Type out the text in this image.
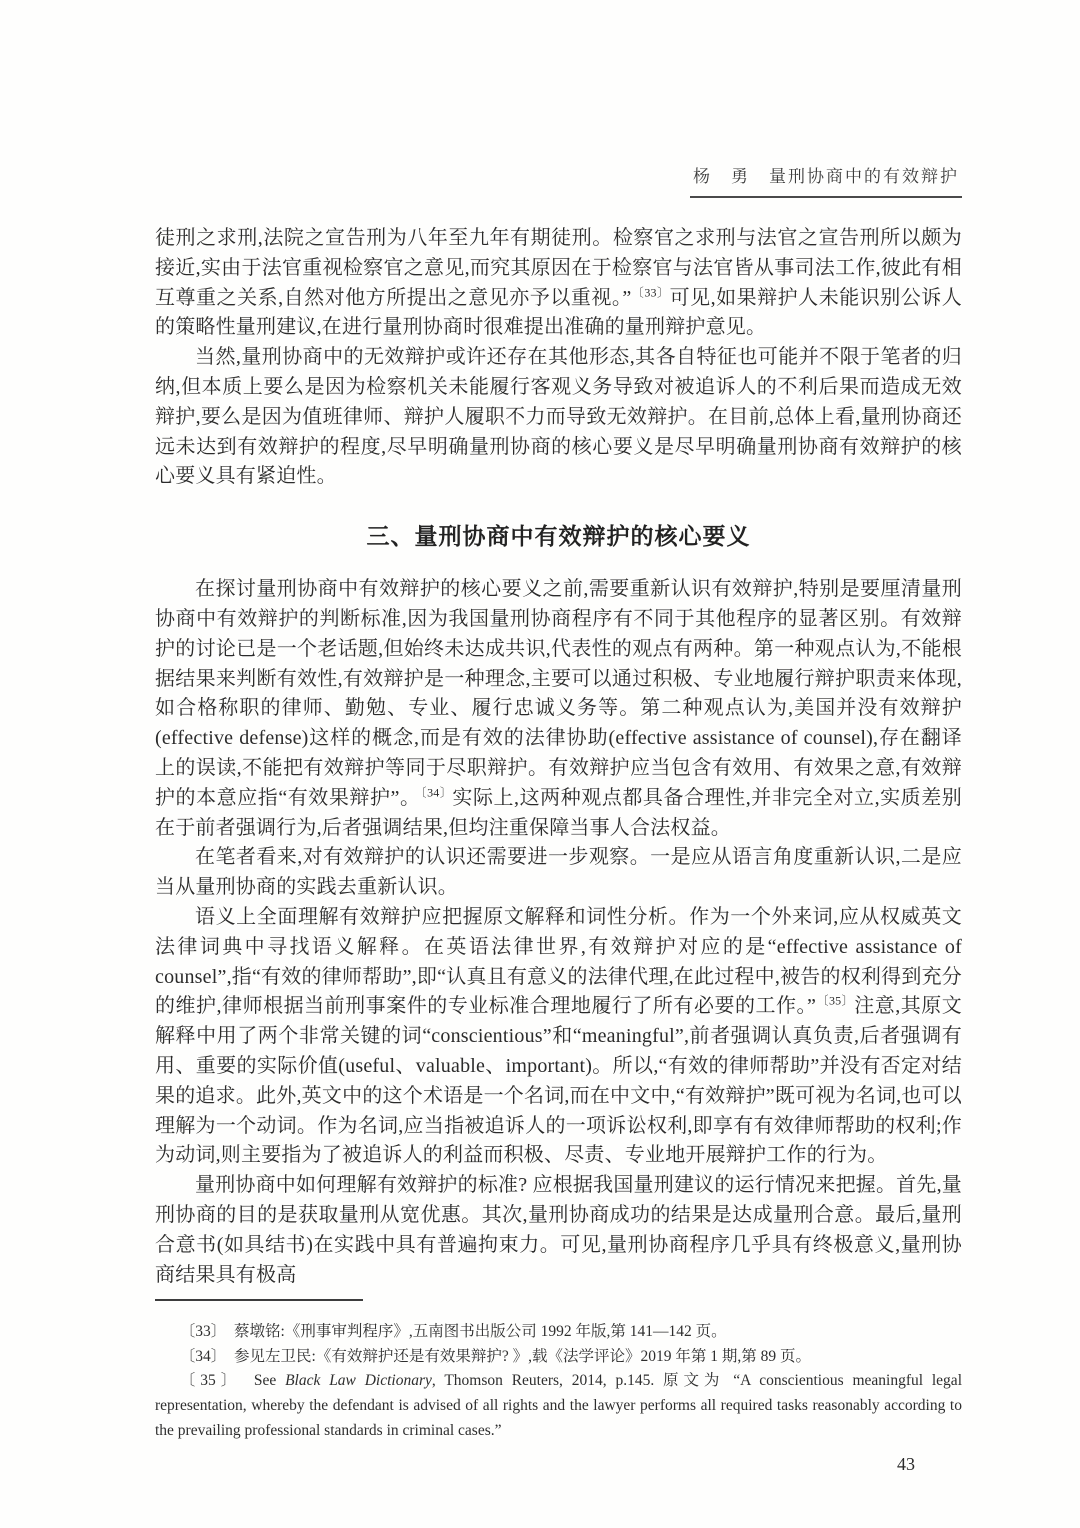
杨　勇　量刑协商中的有效辩护

徒刑之求刑,法院之宣告刑为八年至九年有期徒刑。检察官之求刑与法官之宣告刑所以颇为接近,实由于法官重视检察官之意见,而究其原因在于检察官与法官皆从事司法工作,彼此有相互尊重之关系,自然对他方所提出之意见亦予以重视。”$^{〔33〕}$可见,如果辩护人未能识别公诉人的策略性量刑建议,在进行量刑协商时很难提出准确的量刑辩护意见。

当然,量刑协商中的无效辩护或许还存在其他形态,其各自特征也可能并不限于笔者的归纳,但本质上要么是因为检察机关未能履行客观义务导致对被追诉人的不利后果而造成无效辩护,要么是因为值班律师、辩护人履职不力而导致无效辩护。在目前,总体上看,量刑协商还远未达到有效辩护的程度,尽早明确量刑协商的核心要义是尽早明确量刑协商有效辩护的核心要义具有紧迫性。

三、量刑协商中有效辩护的核心要义

在探讨量刑协商中有效辩护的核心要义之前,需要重新认识有效辩护,特别是要厘清量刑协商中有效辩护的判断标准,因为我国量刑协商程序有不同于其他程序的显著区别。有效辩护的讨论已是一个老话题,但始终未达成共识,代表性的观点有两种。第一种观点认为,不能根据结果来判断有效性,有效辩护是一种理念,主要可以通过积极、专业地履行辩护职责来体现,如合格称职的律师、勤勉、专业、履行忠诚义务等。第二种观点认为,美国并没有效辩护(effective defense)这样的概念,而是有效的法律协助(effective assistance of counsel),存在翻译上的误读,不能把有效辩护等同于尽职辩护。有效辩护应当包含有效用、有效果之意,有效辩护的本意应指“有效果辩护”。$^{〔34〕}$实际上,这两种观点都具备合理性,并非完全对立,实质差别在于前者强调行为,后者强调结果,但均注重保障当事人合法权益。

在笔者看来,对有效辩护的认识还需要进一步观察。一是应从语言角度重新认识,二是应当从量刑协商的实践去重新认识。

语义上全面理解有效辩护应把握原文解释和词性分析。作为一个外来词,应从权威英文法律词典中寻找语义解释。在英语法律世界,有效辩护对应的是“effective assistance of counsel”,指“有效的律师帮助”,即“认真且有意义的法律代理,在此过程中,被告的权利得到充分的维护,律师根据当前刑事案件的专业标准合理地履行了所有必要的工作。”$^{〔35〕}$注意,其原文解释中用了两个非常关键的词“conscientious”和“meaningful”,前者强调认真负责,后者强调有用、重要的实际价值(useful、valuable、important)。所以,“有效的律师帮助”并没有否定对结果的追求。此外,英文中的这个术语是一个名词,而在中文中,“有效辩护”既可视为名词,也可以理解为一个动词。作为名词,应当指被追诉人的一项诉讼权利,即享有有效律师帮助的权利;作为动词,则主要指为了被追诉人的利益而积极、尽责、专业地开展辩护工作的行为。

量刑协商中如何理解有效辩护的标准? 应根据我国量刑建议的运行情况来把握。首先,量刑协商的目的是获取量刑从宽优惠。其次,量刑协商成功的结果是达成量刑合意。最后,量刑合意书(如具结书)在实践中具有普遍拘束力。可见,量刑协商程序几乎具有终极意义,量刑协商结果具有极高

〔33〕　蔡墩铭:《刑事审判程序》,五南图书出版公司 1992 年版,第 141—142 页。

〔34〕　参见左卫民:《有效辩护还是有效果辩护? 》,载《法学评论》2019 年第 1 期,第 89 页。

〔35〕　See Black Law Dictionary, Thomson Reuters, 2014, p.145. 原文为 “A conscientious meaningful legal representation, whereby the defendant is advised of all rights and the lawyer performs all required tasks reasonably according to the prevailing professional standards in criminal cases.”

43
